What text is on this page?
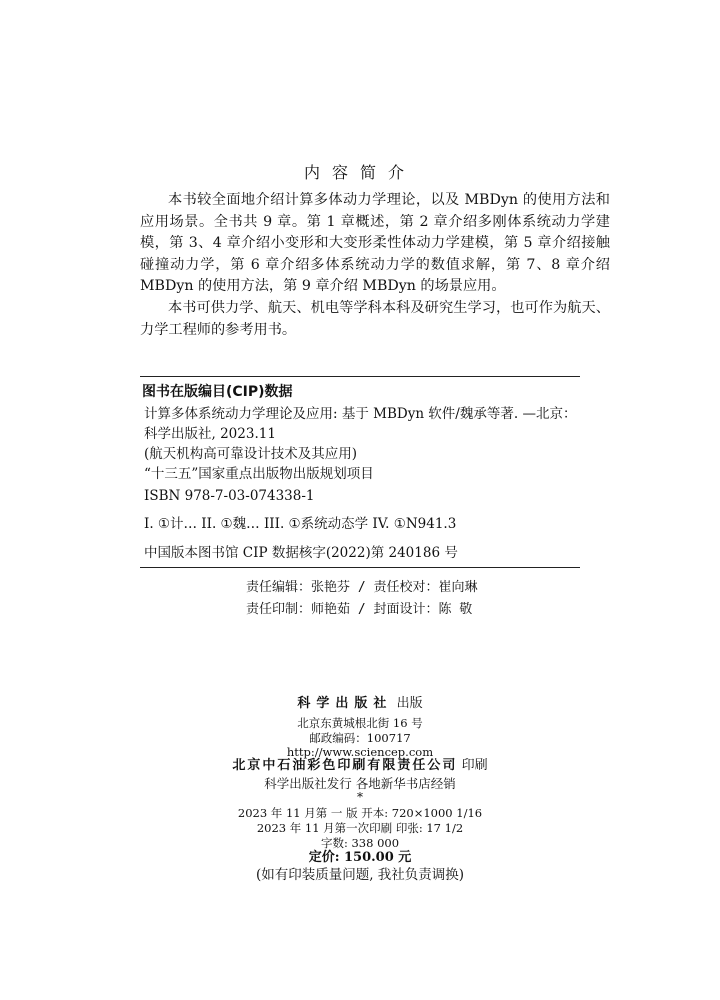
内容简介

本书较全面地介绍计算多体动力学理论，以及 MBDyn 的使用方法和应用场景。全书共 9 章。第 1 章概述，第 2 章介绍多刚体系统动力学建模，第 3、4 章介绍小变形和大变形柔性体动力学建模，第 5 章介绍接触碰撞动力学，第 6 章介绍多体系统动力学的数值求解，第 7、8 章介绍 MBDyn 的使用方法，第 9 章介绍 MBDyn 的场景应用。

本书可供力学、航天、机电等学科本科及研究生学习，也可作为航天、力学工程师的参考用书。

图书在版编目(CIP)数据

计算多体系统动力学理论及应用: 基于 MBDyn 软件/魏承等著. —北京：科学出版社, 2023.11

(航天机构高可靠设计技术及其应用)

“十三五”国家重点出版物出版规划项目

ISBN 978-7-03-074338-1

I. ①计… II. ①魏… III. ①系统动态学 IV. ①N941.3

中国版本图书馆 CIP 数据核字(2022)第 240186 号

责任编辑：张艳芬 / 责任校对：崔向琳
责任印制：师艳茹 / 封面设计：陈 敬
科学出版社 出版
北京东黄城根北街 16 号
邮政编码：100717
http://www.sciencep.com
北京中石油彩色印刷有限责任公司 印刷
科学出版社发行 各地新华书店经销
*
2023 年 11 月第 一 版 开本: 720×1000 1/16
2023 年 11 月第一次印刷 印张: 17 1/2
字数: 338 000
定价: 150.00 元
(如有印装质量问题, 我社负责调换)
